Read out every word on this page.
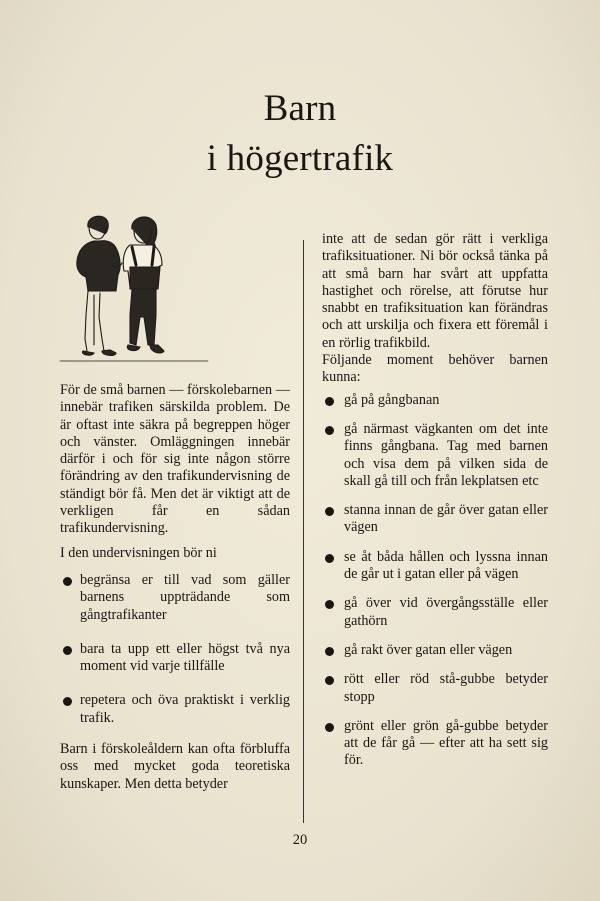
Barn
i högertrafik

För de små barnen — förskolebarnen — innebär trafiken särskilda problem. De är oftast inte säkra på begreppen höger och vänster. Omläggningen innebär därför i och för sig inte någon större förändring av den trafikundervisning de ständigt bör få. Men det är viktigt att de verkligen får en sådan trafikundervisning.

I den undervisningen bör ni

begränsa er till vad som gäller barnens uppträdande som gångtrafikanter
bara ta upp ett eller högst två nya moment vid varje tillfälle
repetera och öva praktiskt i verklig trafik.

Barn i förskoleåldern kan ofta förbluffa oss med mycket goda teoretiska kunskaper. Men detta betyder

inte att de sedan gör rätt i verkliga trafiksituationer. Ni bör också tänka på att små barn har svårt att uppfatta hastighet och rörelse, att förutse hur snabbt en trafiksituation kan förändras och att urskilja och fixera ett föremål i en rörlig trafikbild.

Följande moment behöver barnen kunna:

gå på gångbanan
gå närmast vägkanten om det inte finns gångbana. Tag med barnen och visa dem på vilken sida de skall gå till och från lekplatsen etc
stanna innan de går över gatan eller vägen
se åt båda hållen och lyssna innan de går ut i gatan eller på vägen
gå över vid övergångsställe eller gathörn
gå rakt över gatan eller vägen
rött eller röd stå-gubbe betyder stopp
grönt eller grön gå-gubbe betyder att de får gå — efter att ha sett sig för.
20
